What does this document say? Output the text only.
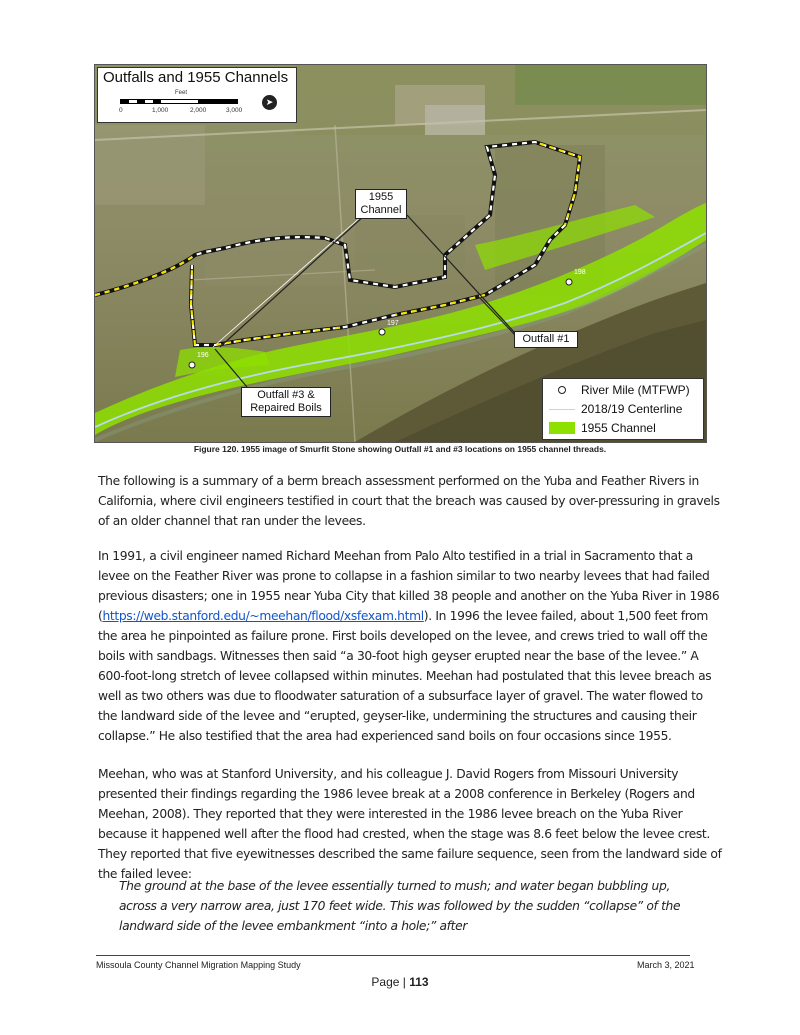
196
197
198
Outfalls and 1955 Channels
Feet
0	1,000	2,000	3,000
➤
1955
Channel
Outfall #1
Outfall #3 &
Repaired Boils
River Mile (MTFWP)
2018/19 Centerline
1955 Channel
Figure 120. 1955 image of Smurfit Stone showing Outfall #1 and #3 locations on 1955 channel threads.

The following is a summary of a berm breach assessment performed on the Yuba and Feather Rivers in California, where civil engineers testified in court that the breach was caused by over-pressuring in gravels of an older channel that ran under the levees.

In 1991, a civil engineer named Richard Meehan from Palo Alto testified in a trial in Sacramento that a levee on the Feather River was prone to collapse in a fashion similar to two nearby levees that had failed previous disasters; one in 1955 near Yuba City that killed 38 people and another on the Yuba River in 1986 (https://web.stanford.edu/~meehan/flood/xsfexam.html). In 1996 the levee failed, about 1,500 feet from the area he pinpointed as failure prone. First boils developed on the levee, and crews tried to wall off the boils with sandbags. Witnesses then said “a 30-foot high geyser erupted near the base of the levee.” A 600-foot-long stretch of levee collapsed within minutes. Meehan had postulated that this levee breach as well as two others was due to floodwater saturation of a subsurface layer of gravel. The water flowed to the landward side of the levee and “erupted, geyser-like, undermining the structures and causing their collapse.” He also testified that the area had experienced sand boils on four occasions since 1955.

Meehan, who was at Stanford University, and his colleague J. David Rogers from Missouri University presented their findings regarding the 1986 levee break at a 2008 conference in Berkeley (Rogers and Meehan, 2008). They reported that they were interested in the 1986 levee breach on the Yuba River because it happened well after the flood had crested, when the stage was 8.6 feet below the levee crest. They reported that five eyewitnesses described the same failure sequence, seen from the landward side of the failed levee:

The ground at the base of the levee essentially turned to mush; and water began bubbling up, across a very narrow area, just 170 feet wide. This was followed by the sudden “collapse” of the landward side of the levee embankment “into a hole;” after
Missoula County Channel Migration Mapping Study	March 3, 2021
Page | 113
